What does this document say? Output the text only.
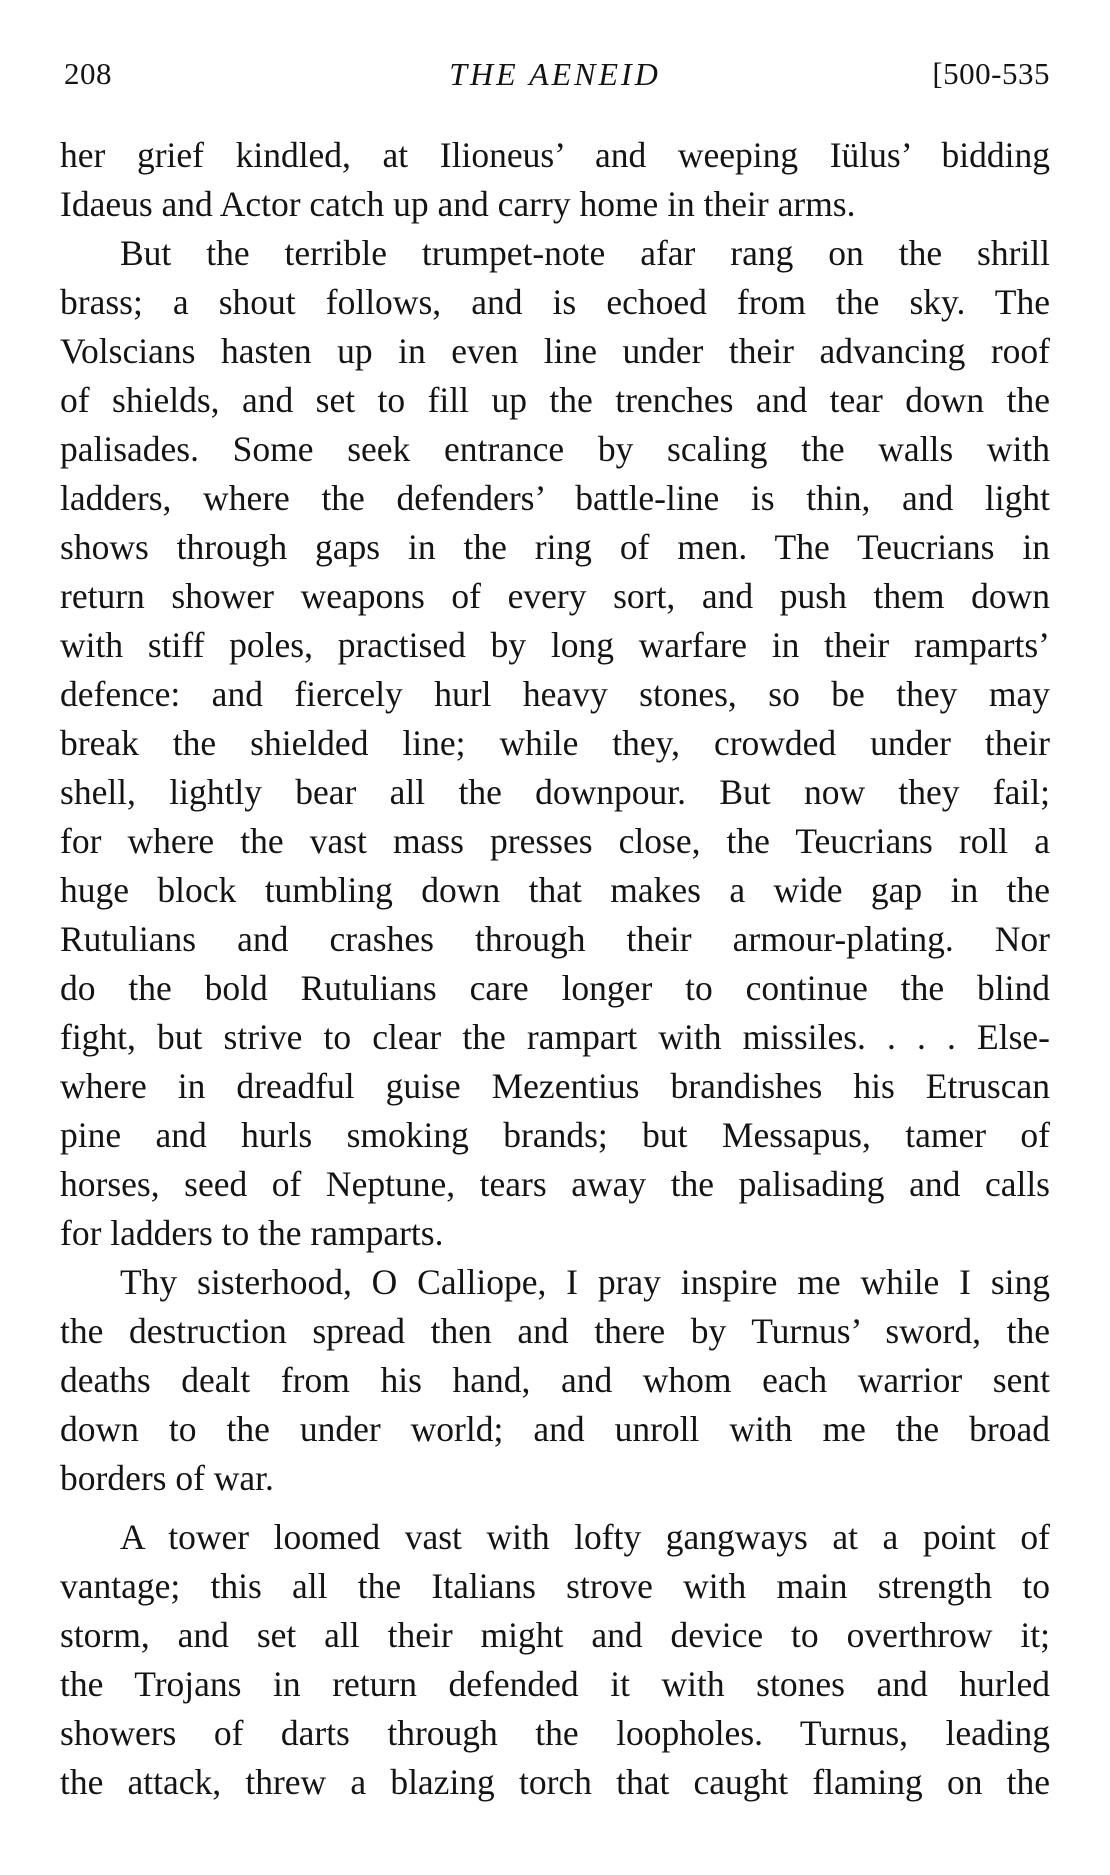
208	THE AENEID	[500-535

her grief kindled, at Ilioneus’ and weeping Iülus’ bidding

Idaeus and Actor catch up and carry home in their arms.

But the terrible trumpet-note afar rang on the shrill

brass; a shout follows, and is echoed from the sky. The

Volscians hasten up in even line under their advancing roof

of shields, and set to fill up the trenches and tear down the

palisades. Some seek entrance by scaling the walls with

ladders, where the defenders’ battle-line is thin, and light

shows through gaps in the ring of men. The Teucrians in

return shower weapons of every sort, and push them down

with stiff poles, practised by long warfare in their ramparts’

defence: and fiercely hurl heavy stones, so be they may

break the shielded line; while they, crowded under their

shell, lightly bear all the downpour. But now they fail;

for where the vast mass presses close, the Teucrians roll a

huge block tumbling down that makes a wide gap in the

Rutulians and crashes through their armour-plating. Nor

do the bold Rutulians care longer to continue the blind

fight, but strive to clear the rampart with missiles. . . . Else-

where in dreadful guise Mezentius brandishes his Etruscan

pine and hurls smoking brands; but Messapus, tamer of

horses, seed of Neptune, tears away the palisading and calls

for ladders to the ramparts.

Thy sisterhood, O Calliope, I pray inspire me while I sing

the destruction spread then and there by Turnus’ sword, the

deaths dealt from his hand, and whom each warrior sent

down to the under world; and unroll with me the broad

borders of war.

A tower loomed vast with lofty gangways at a point of

vantage; this all the Italians strove with main strength to

storm, and set all their might and device to overthrow it;

the Trojans in return defended it with stones and hurled

showers of darts through the loopholes. Turnus, leading

the attack, threw a blazing torch that caught flaming on the
